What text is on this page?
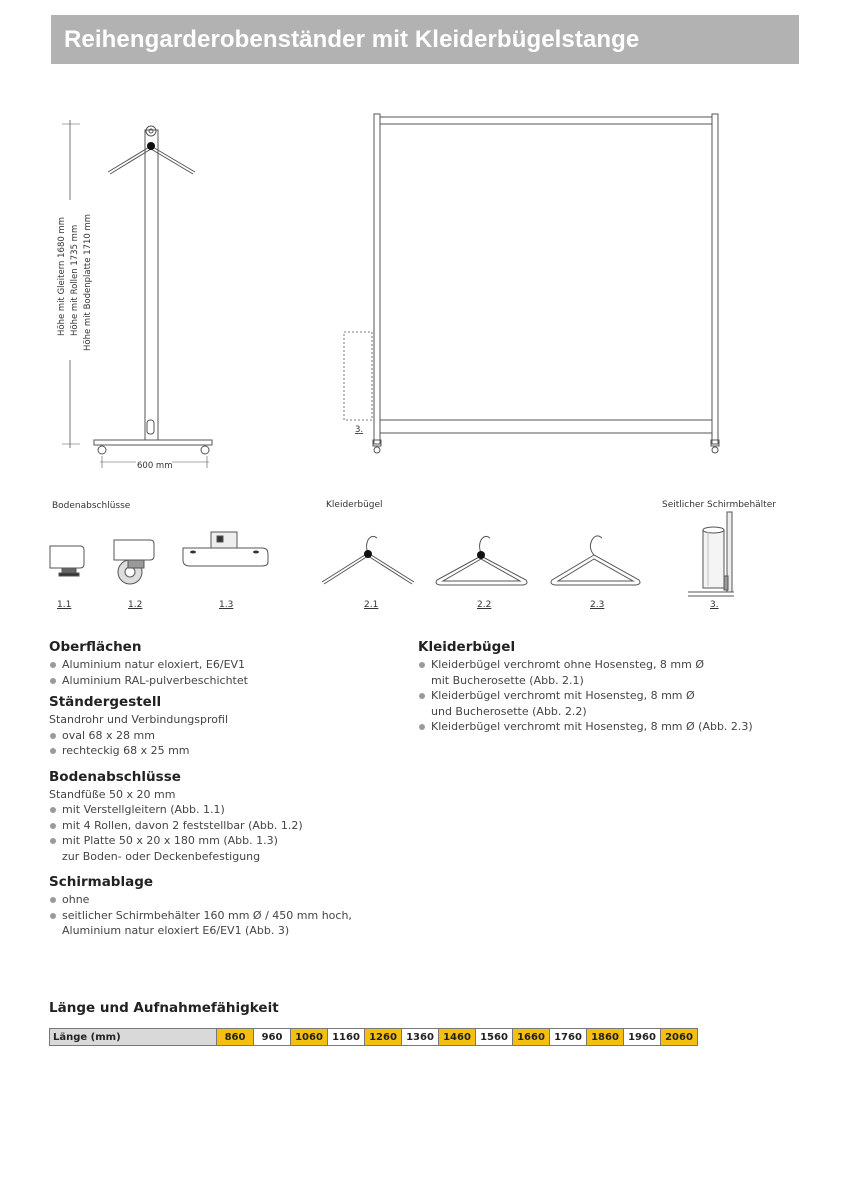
Reihengarderobenständer mit Kleiderbügelstange
Höhe mit Gleitern 1680 mm Höhe mit Rollen 1735 mm Höhe mit Bodenplatte 1710 mm
600 mm
3.
Bodenabschlüsse	Kleiderbügel	Seitlicher Schirmbehälter
1.1	1.2	1.3	2.1	2.2	2.3	3.
Oberflächen
Aluminium natur eloxiert, E6/EV1
Aluminium RAL-pulverbeschichtet
Ständergestell
Standrohr und Verbindungsprofil
oval 68 x 28 mm
rechteckig 68 x 25 mm
Bodenabschlüsse
Standfüße 50 x 20 mm
mit Verstellgleitern (Abb. 1.1)
mit 4 Rollen, davon 2 feststellbar (Abb. 1.2)
mit Platte 50 x 20 x 180 mm (Abb. 1.3)
zur Boden- oder Deckenbefestigung
Schirmablage
ohne
seitlicher Schirmbehälter 160 mm Ø / 450 mm hoch,
Aluminium natur eloxiert E6/EV1 (Abb. 3)
Kleiderbügel
Kleiderbügel verchromt ohne Hosensteg, 8 mm Ø
mit Bucherosette (Abb. 2.1)
Kleiderbügel verchromt mit Hosensteg, 8 mm Ø
und Bucherosette (Abb. 2.2)
Kleiderbügel verchromt mit Hosensteg, 8 mm Ø (Abb. 2.3)
Länge und Aufnahmefähigkeit
Länge (mm)	860	960	1060	1160	1260	1360	1460	1560	1660	1760	1860	1960	2060
